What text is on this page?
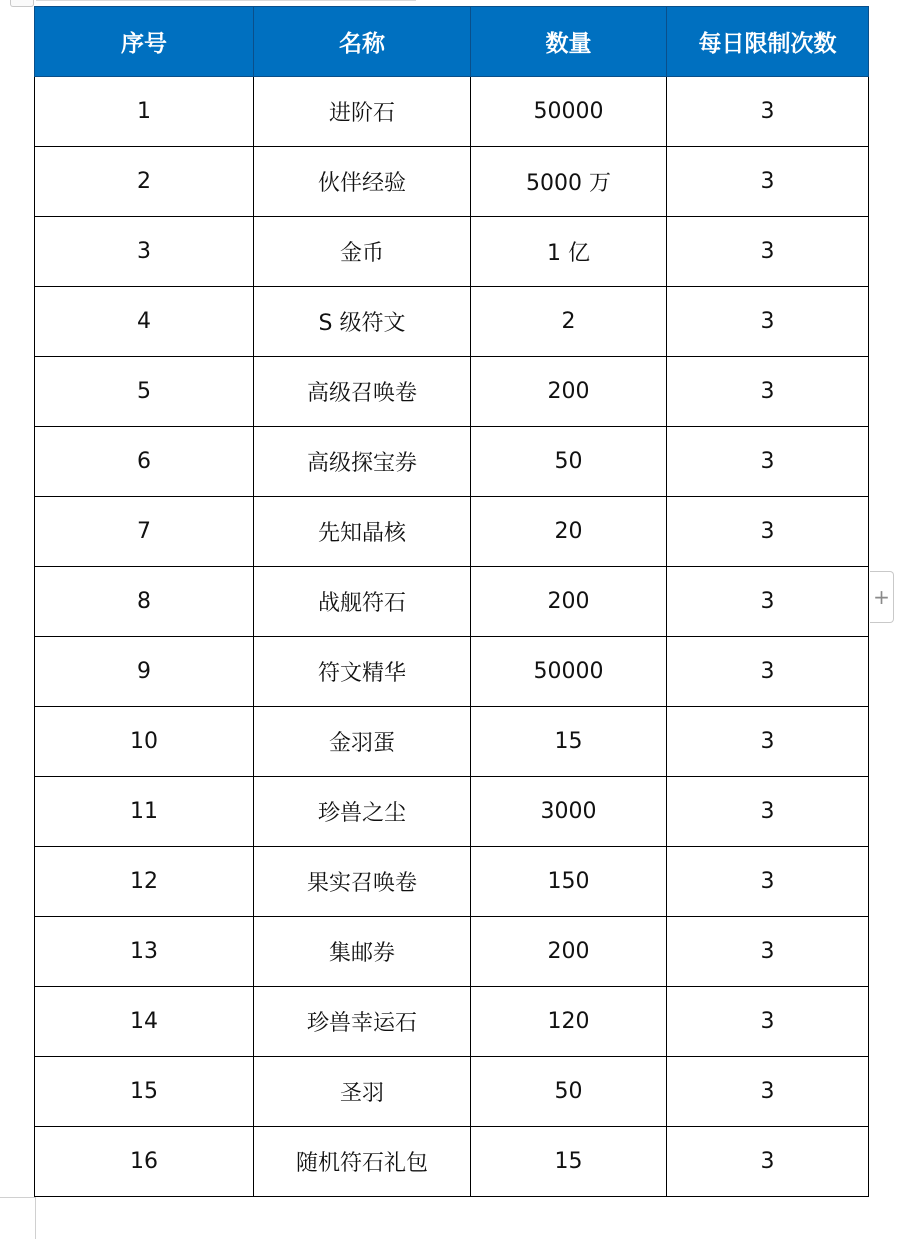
序号	名称	数量	每日限制次数
1	进阶石	50000	3
2	伙伴经验	5000 万	3
3	金币	1 亿	3
4	S 级符文	2	3
5	高级召唤卷	200	3
6	高级探宝券	50	3
7	先知晶核	20	3
8	战舰符石	200	3
9	符文精华	50000	3
10	金羽蛋	15	3
11	珍兽之尘	3000	3
12	果实召唤卷	150	3
13	集邮券	200	3
14	珍兽幸运石	120	3
15	圣羽	50	3
16	随机符石礼包	15	3
+
